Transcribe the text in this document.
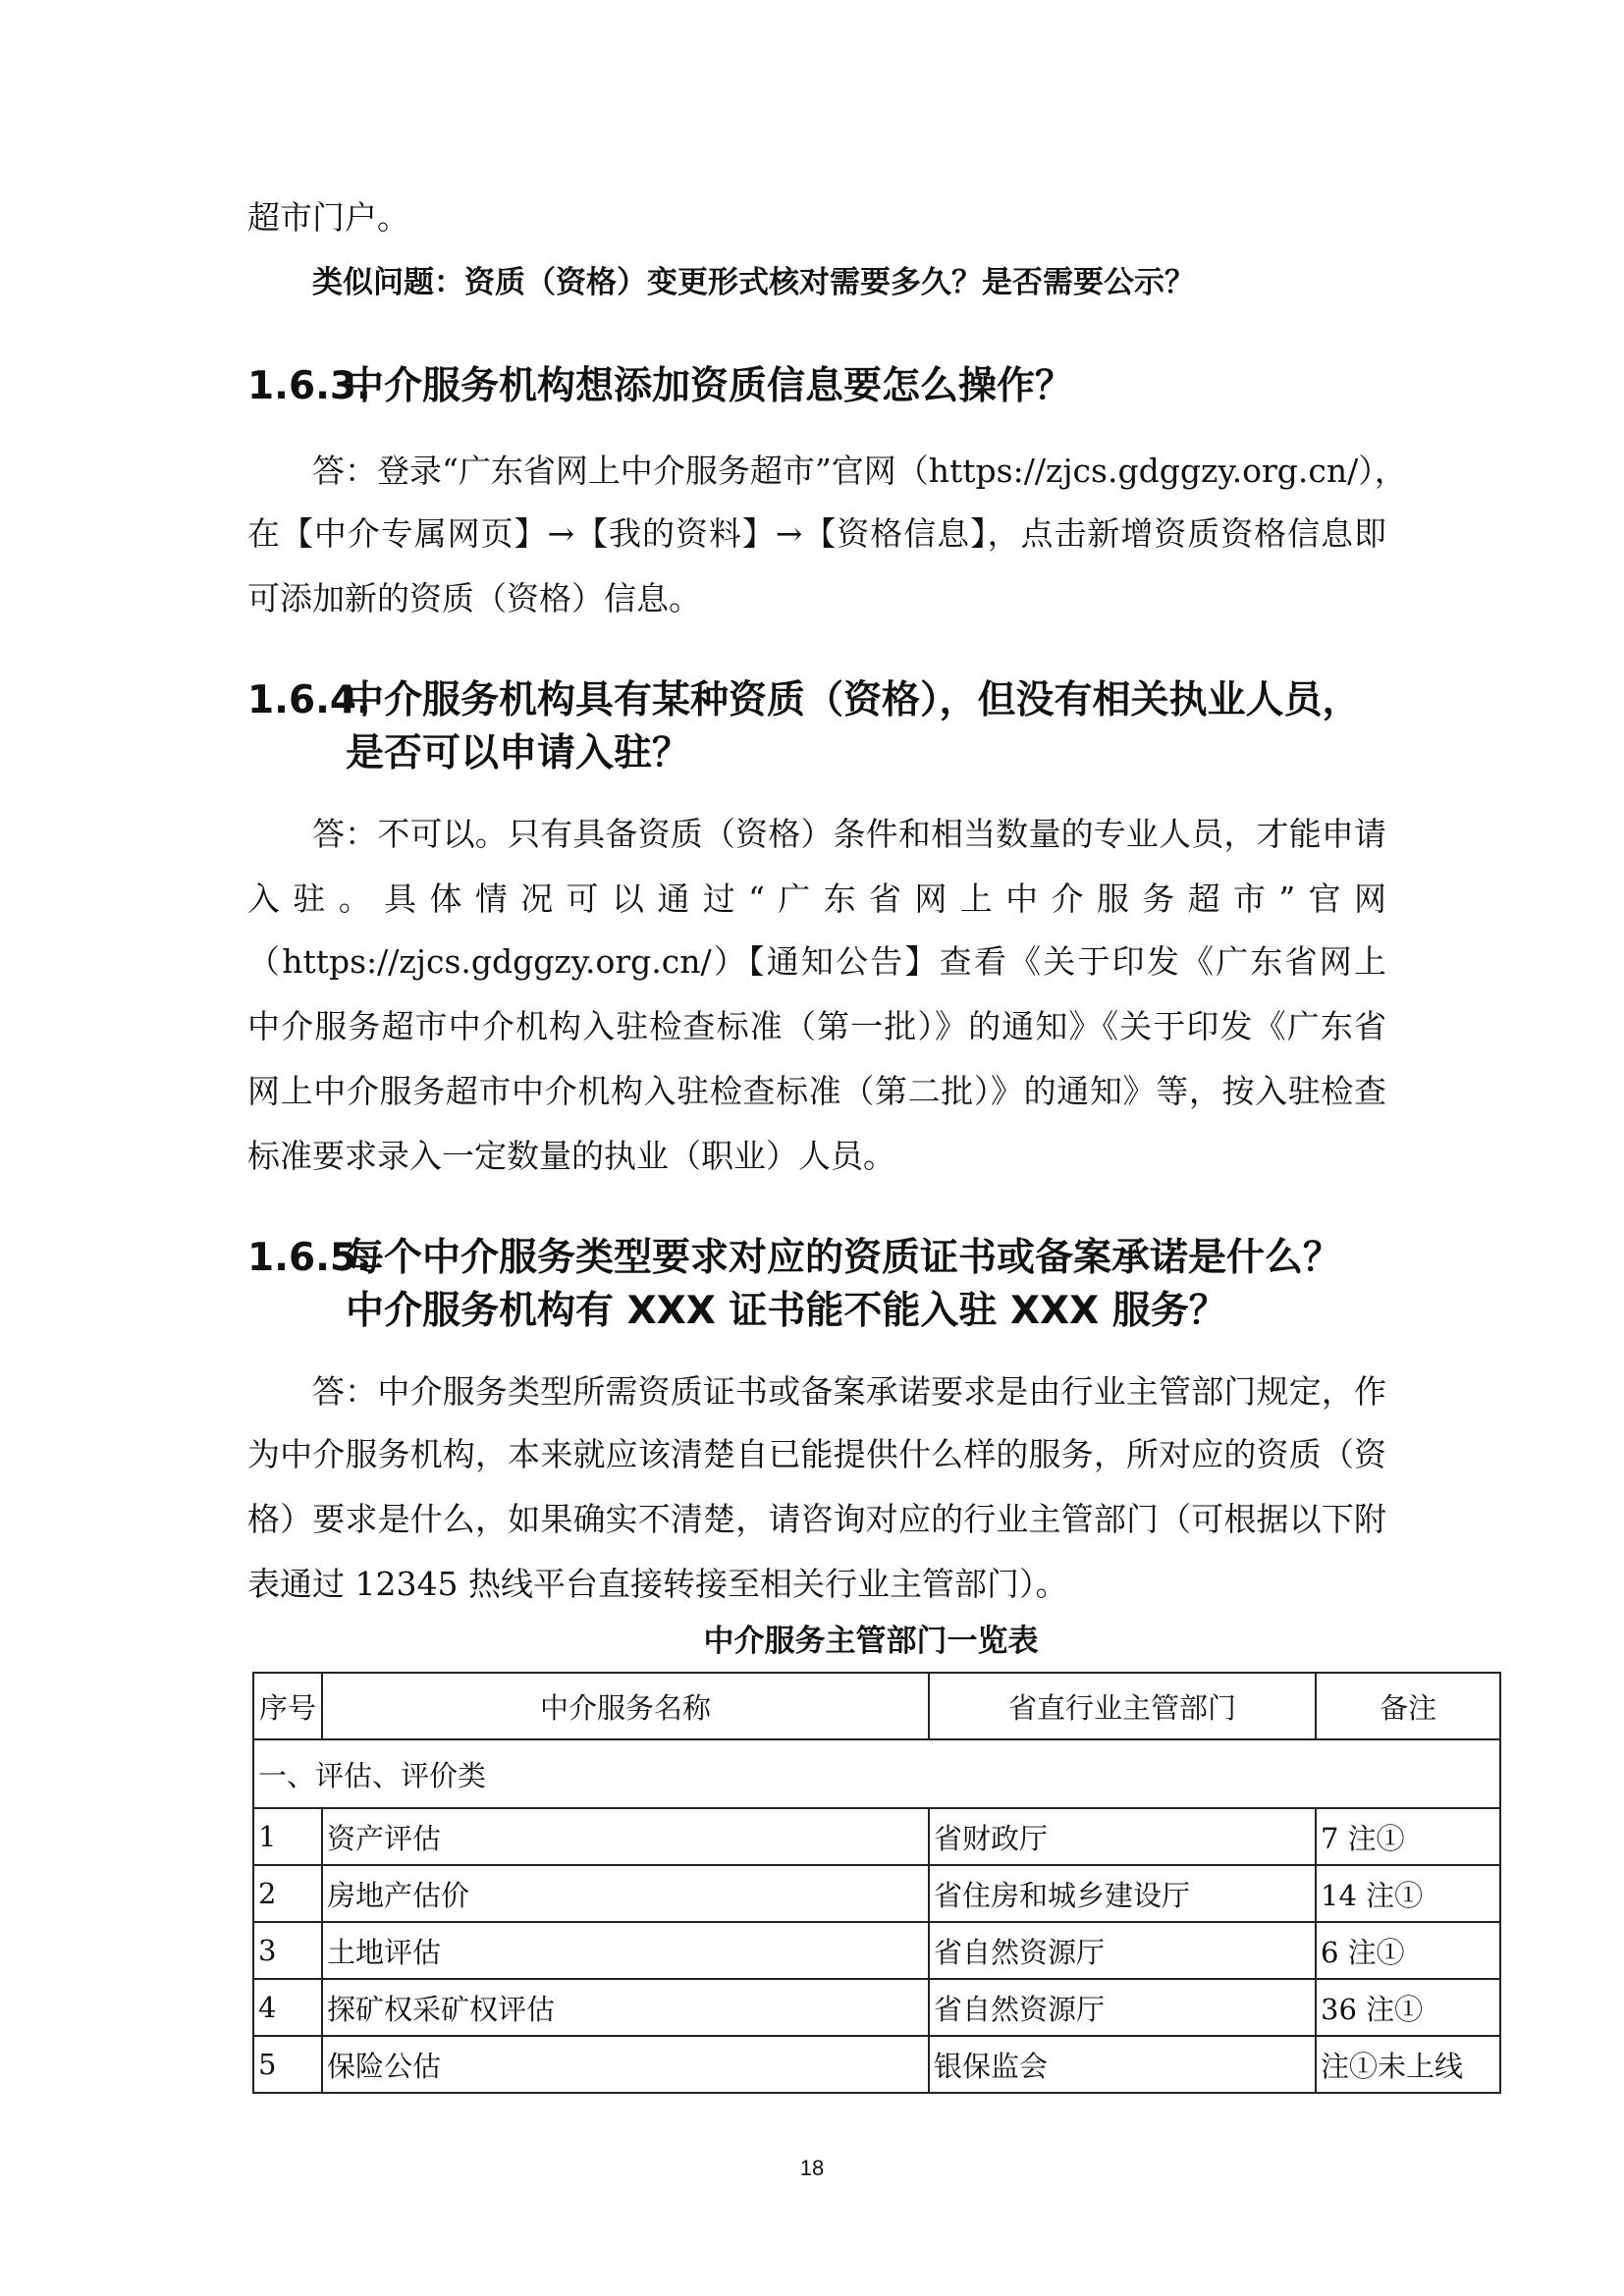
超市门户。
类似问题：资质（资格）变更形式核对需要多久？是否需要公示？
1.6.3.中介服务机构想添加资质信息要怎么操作？
答：登录“广东省网上中介服务超市”官网（https://zjcs.gdggzy.org.cn/），
在【中介专属网页】→【我的资料】→【资格信息】，点击新增资质资格信息即
可添加新的资质（资格）信息。
1.6.4.中介服务机构具有某种资质（资格），但没有相关执业人员，
是否可以申请入驻？
答：不可以。只有具备资质（资格）条件和相当数量的专业人员，才能申请
入驻。具体情况可以通过“广东省网上中介服务超市”官网
（https://zjcs.gdggzy.org.cn/）【通知公告】查看《关于印发《广东省网上
中介服务超市中介机构入驻检查标准（第一批）》的通知》《关于印发《广东省
网上中介服务超市中介机构入驻检查标准（第二批）》的通知》等，按入驻检查
标准要求录入一定数量的执业（职业）人员。
1.6.5.每个中介服务类型要求对应的资质证书或备案承诺是什么？
中介服务机构有 XXX 证书能不能入驻 XXX 服务？
答：中介服务类型所需资质证书或备案承诺要求是由行业主管部门规定，作
为中介服务机构，本来就应该清楚自已能提供什么样的服务，所对应的资质（资
格）要求是什么，如果确实不清楚，请咨询对应的行业主管部门（可根据以下附
表通过 12345 热线平台直接转接至相关行业主管部门）。
中介服务主管部门一览表
序号	中介服务名称	省直行业主管部门	备注
一、评估、评价类			
1	资产评估	省财政厅	7 注①
2	房地产估价	省住房和城乡建设厅	14 注①
3	土地评估	省自然资源厅	6 注①
4	探矿权采矿权评估	省自然资源厅	36 注①
5	保险公估	银保监会	注①未上线
18
